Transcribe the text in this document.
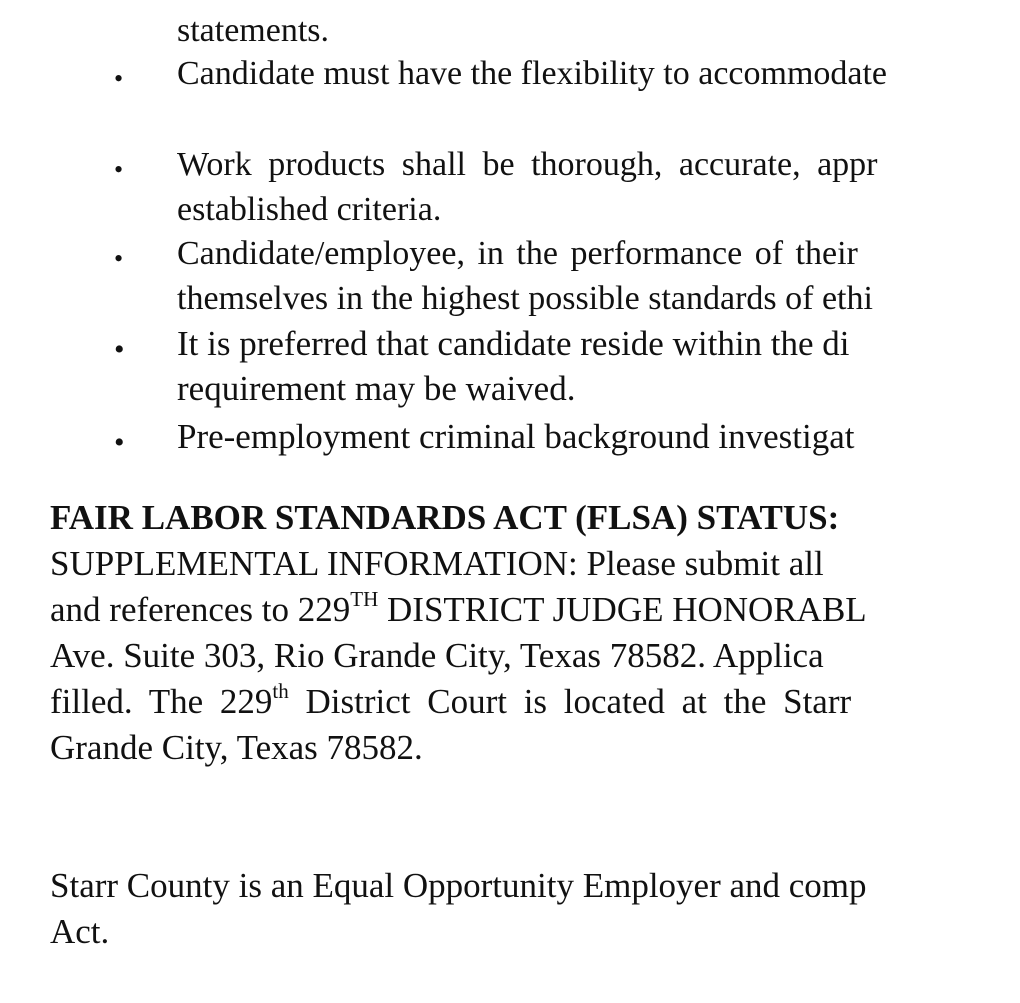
statements.
•
Candidate must have the flexibility to accommodate
•
Work products shall be thorough, accurate, appr
established criteria.
•
Candidate/employee, in the performance of their
themselves in the highest possible standards of ethi
•
It is preferred that candidate reside within the di
requirement may be waived.
•
Pre-employment criminal background investigat
FAIR LABOR STANDARDS ACT (FLSA) STATUS:
SUPPLEMENTAL INFORMATION: Please submit all
and references to 229TH DISTRICT JUDGE HONORABL
Ave. Suite 303, Rio Grande City, Texas 78582. Applica
filled. The 229th District Court is located at the Starr
Grande City, Texas 78582.
Starr County is an Equal Opportunity Employer and comp
Act.
